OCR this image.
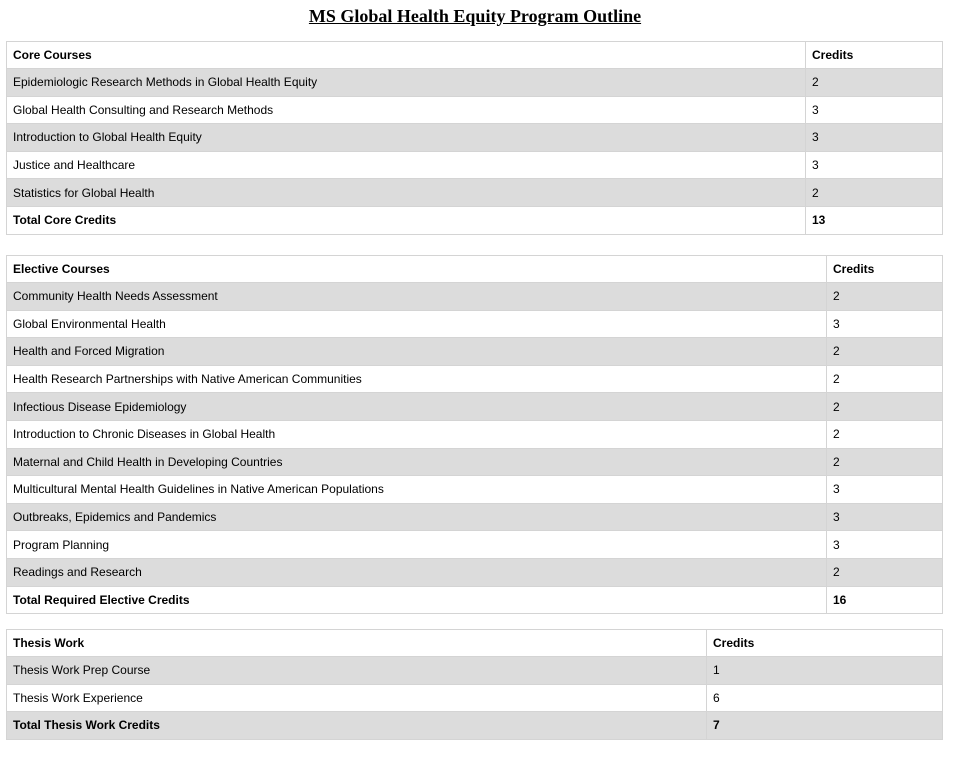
MS Global Health Equity Program Outline
Core Courses	Credits
Epidemiologic Research Methods in Global Health Equity	2
Global Health Consulting and Research Methods	3
Introduction to Global Health Equity	3
Justice and Healthcare	3
Statistics for Global Health	2
Total Core Credits	13
Elective Courses	Credits
Community Health Needs Assessment	2
Global Environmental Health	3
Health and Forced Migration	2
Health Research Partnerships with Native American Communities	2
Infectious Disease Epidemiology	2
Introduction to Chronic Diseases in Global Health	2
Maternal and Child Health in Developing Countries	2
Multicultural Mental Health Guidelines in Native American Populations	3
Outbreaks, Epidemics and Pandemics	3
Program Planning	3
Readings and Research	2
Total Required Elective Credits	16
Thesis Work	Credits
Thesis Work Prep Course	1
Thesis Work Experience	6
Total Thesis Work Credits	7
